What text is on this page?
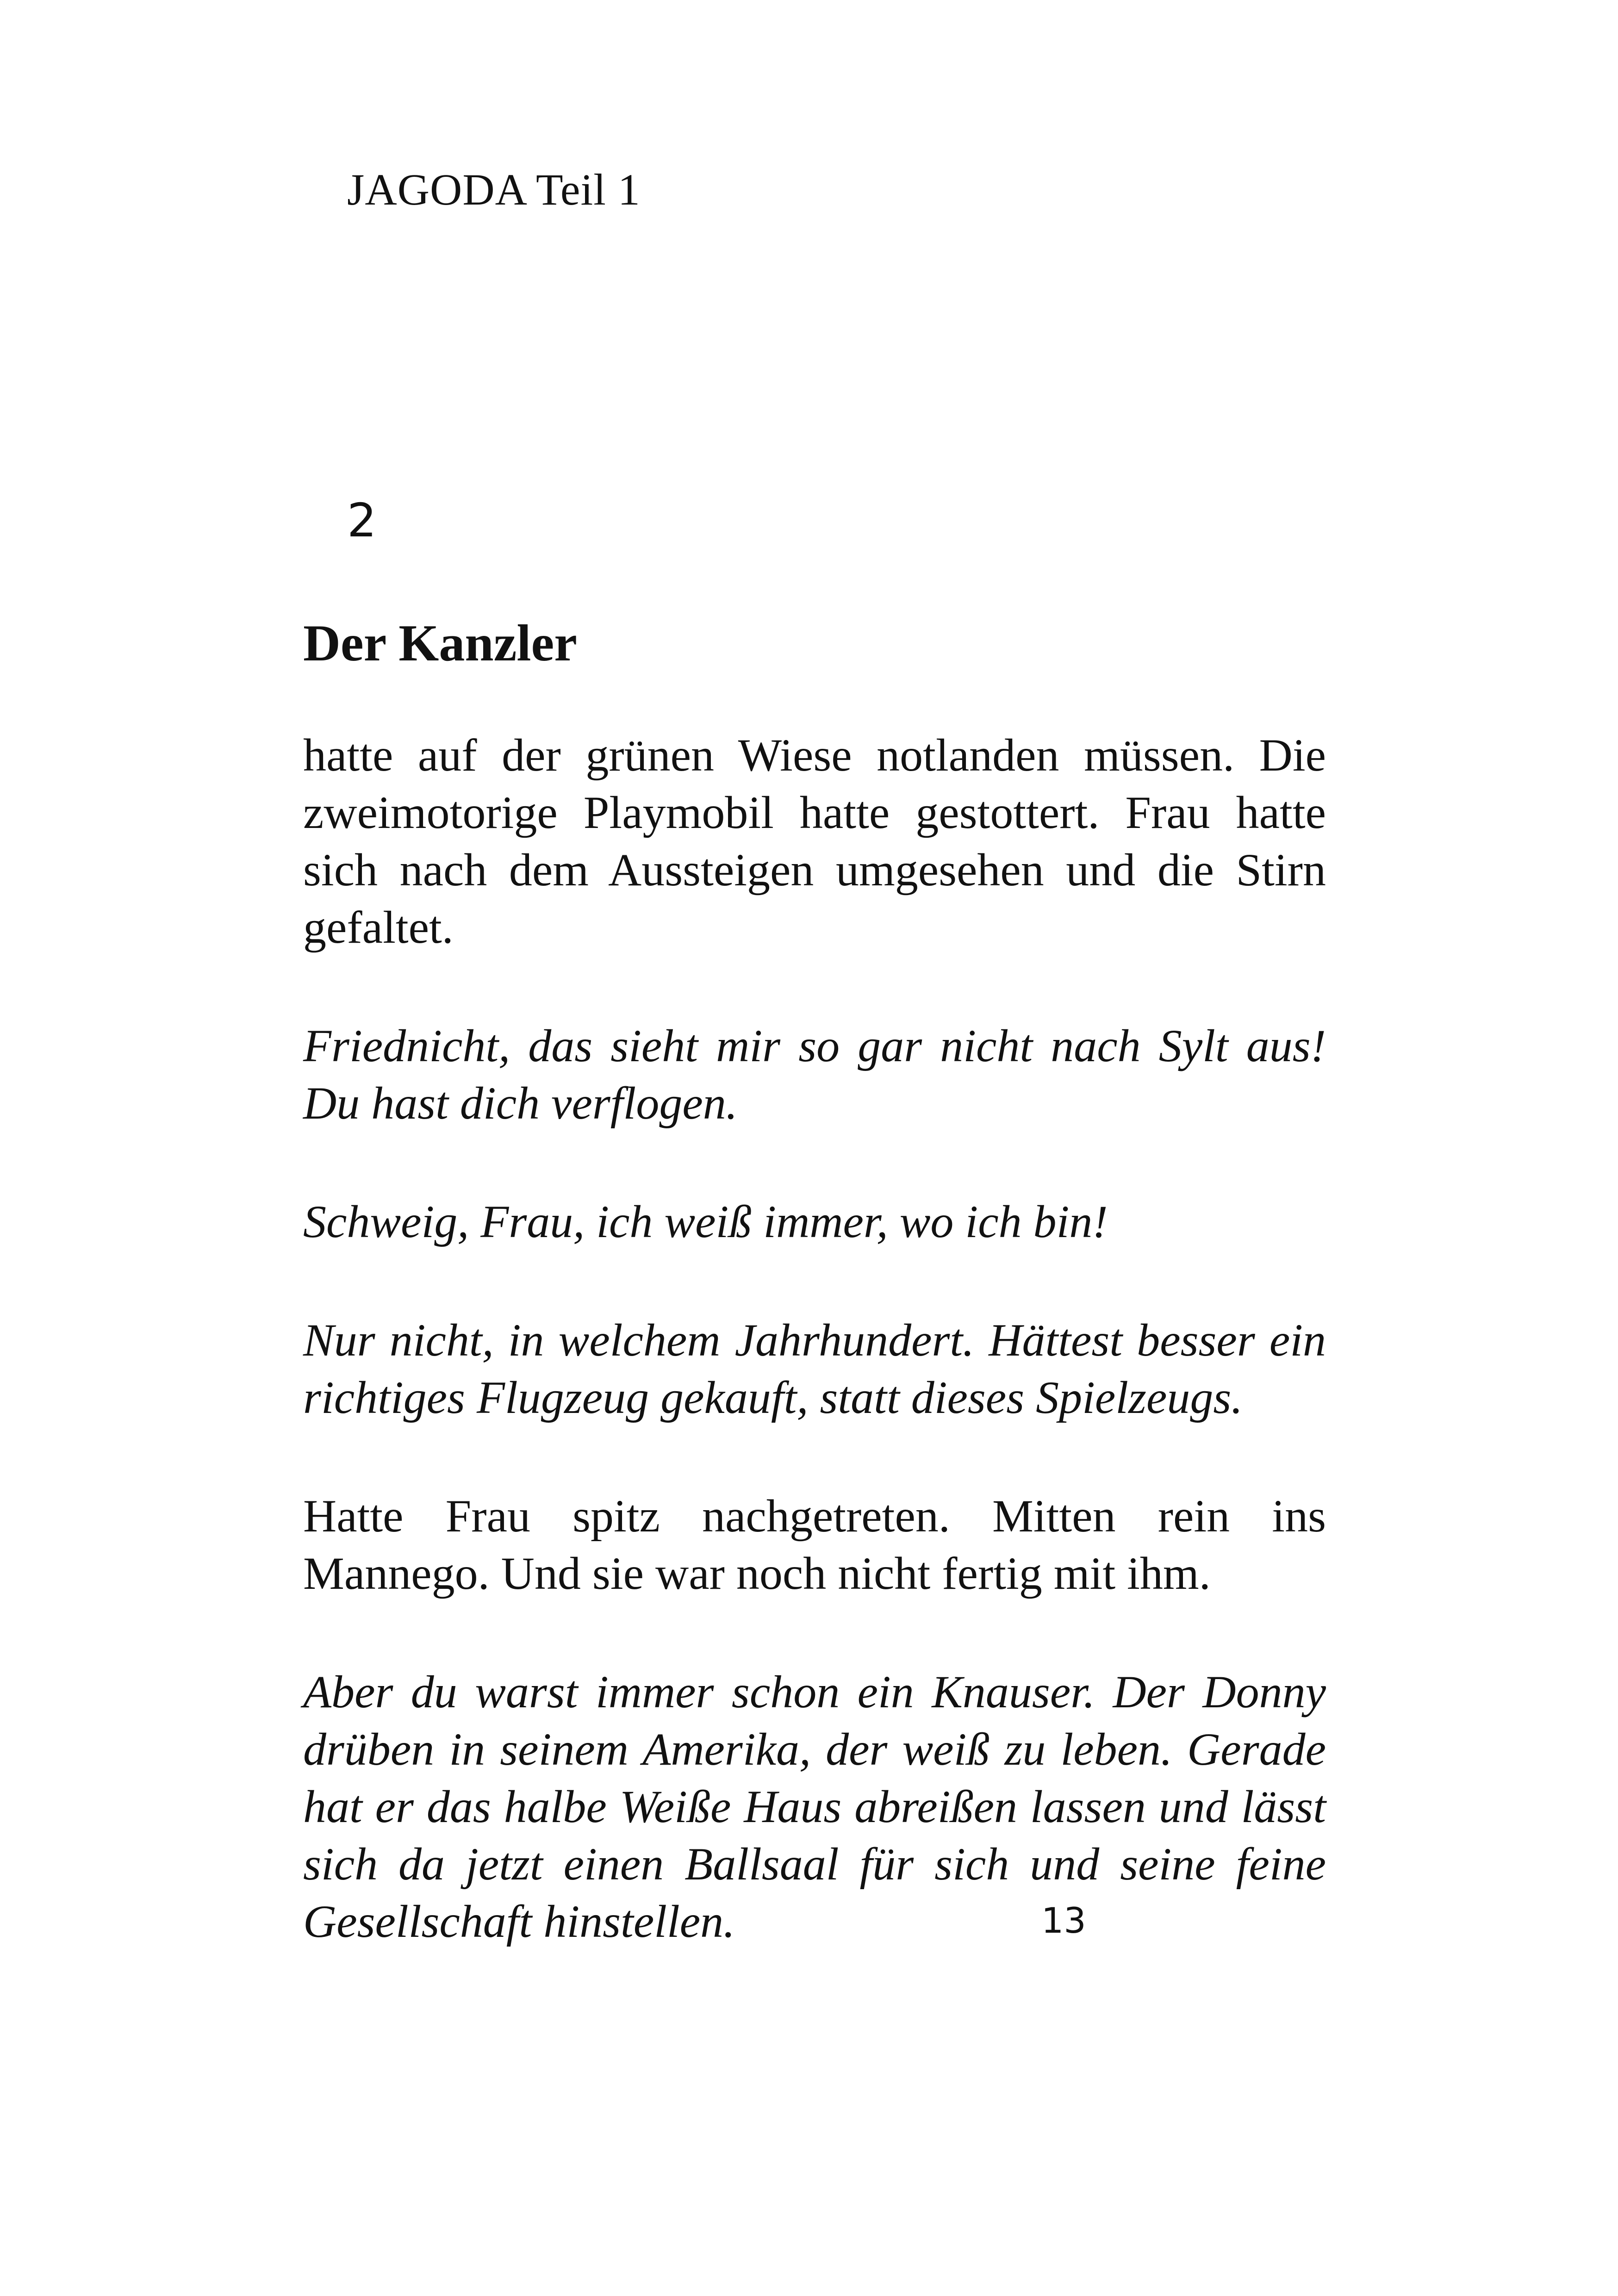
JAGODA Teil 1
2
Der Kanzler

hatte auf der grünen Wiese notlanden müssen. Die zweimotorige Playmobil hatte gestottert. Frau hatte sich nach dem Aussteigen umgesehen und die Stirn gefaltet.

Friednicht, das sieht mir so gar nicht nach Sylt aus! Du hast dich verflogen.

Schweig, Frau, ich weiß immer, wo ich bin!

Nur nicht, in welchem Jahrhundert. Hättest besser ein richtiges Flugzeug gekauft, statt dieses Spielzeugs.

Hatte Frau spitz nachgetreten. Mitten rein ins Mannego. Und sie war noch nicht fertig mit ihm.

Aber du warst immer schon ein Knauser. Der Donny drüben in seinem Amerika, der weiß zu leben. Gerade hat er das halbe Weiße Haus abreißen lassen und lässt sich da jetzt einen Ballsaal für sich und seine feine Gesellschaft hinstellen.	13
